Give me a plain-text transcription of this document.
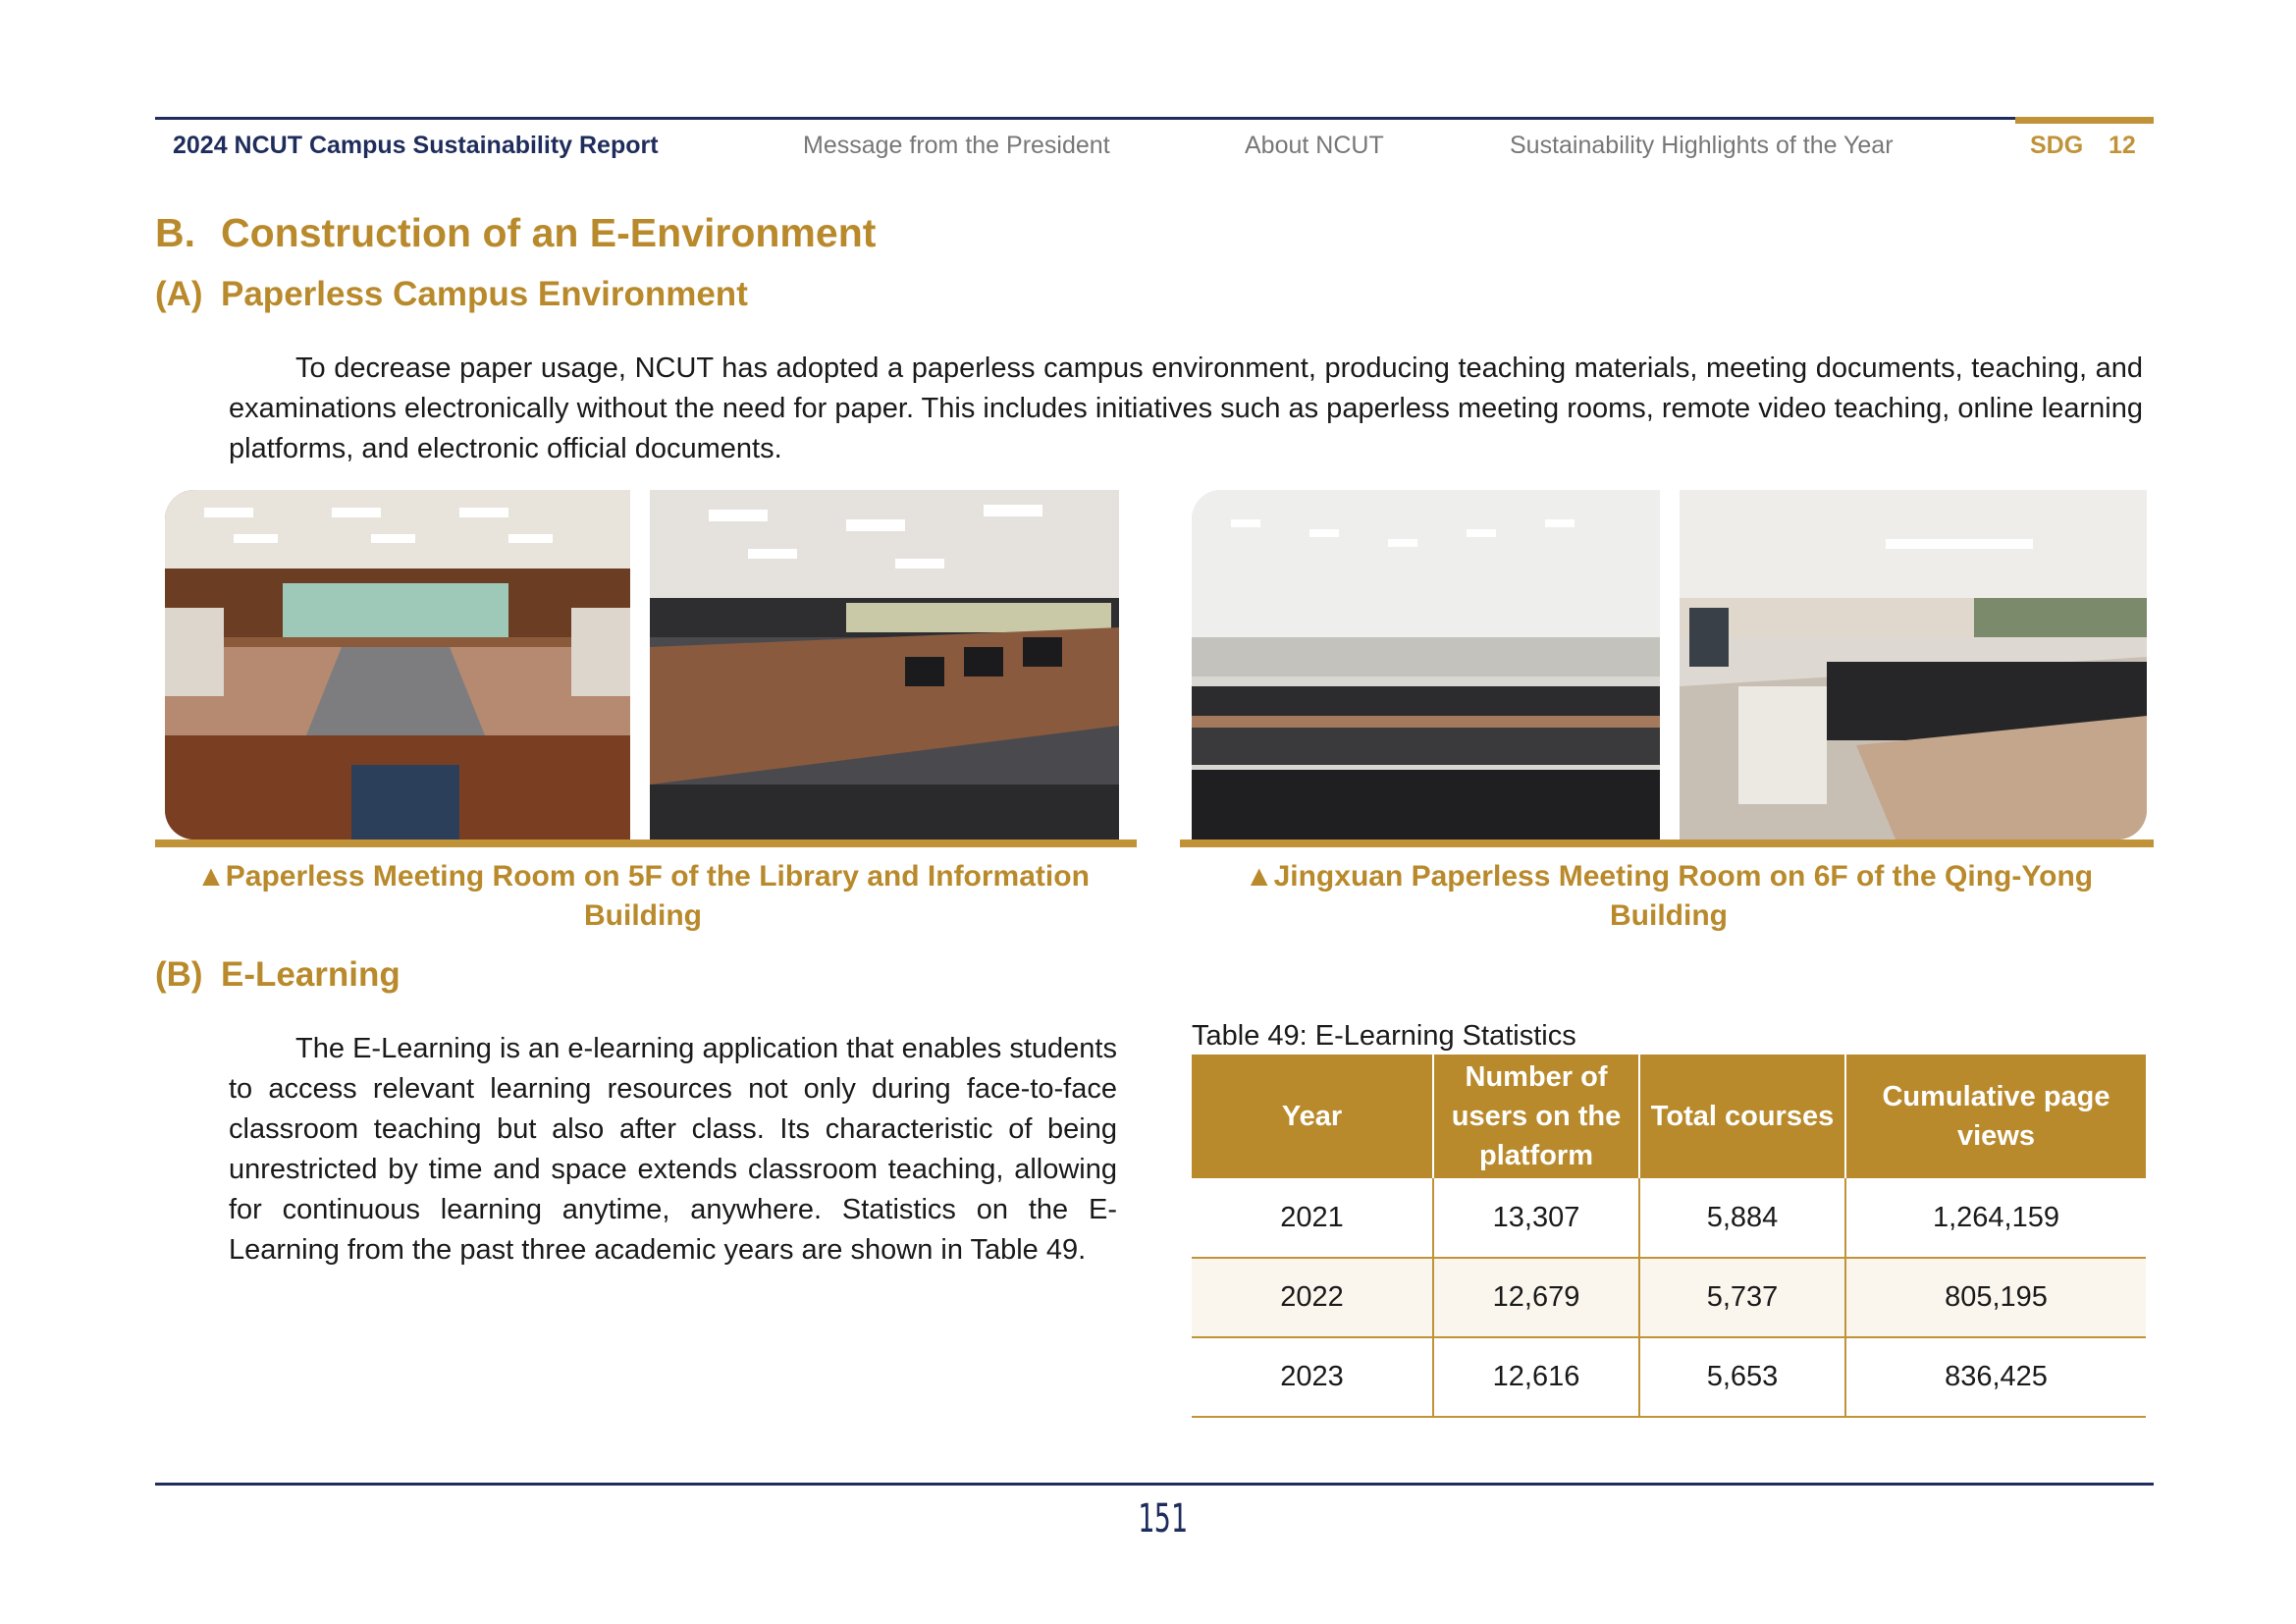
2024 NCUT Campus Sustainability Report	Message from the President	About NCUT	Sustainability Highlights of the Year	SDG 12
B. Construction of an E-Environment
(A) Paperless Campus Environment

To decrease paper usage, NCUT has adopted a paperless campus environment, producing teaching materials, meeting documents, teaching, and examinations electronically without the need for paper. This includes initiatives such as paperless meeting rooms, remote video teaching, online learning platforms, and electronic official documents.

▲Paperless Meeting Room on 5F of the Library and Information Building
▲Jingxuan Paperless Meeting Room on 6F of the Qing-Yong Building
(B) E-Learning

The E-Learning is an e-learning application that enables students to access relevant learning resources not only during face-to-face classroom teaching but also after class. Its characteristic of being unrestricted by time and space extends classroom teaching, allowing for continuous learning anytime, anywhere. Statistics on the E-Learning from the past three academic years are shown in Table 49.

Table 49: E-Learning Statistics
Year	Number of users on the platform	Total courses	Cumulative page views
2021	13,307	5,884	1,264,159
2022	12,679	5,737	805,195
2023	12,616	5,653	836,425
151
